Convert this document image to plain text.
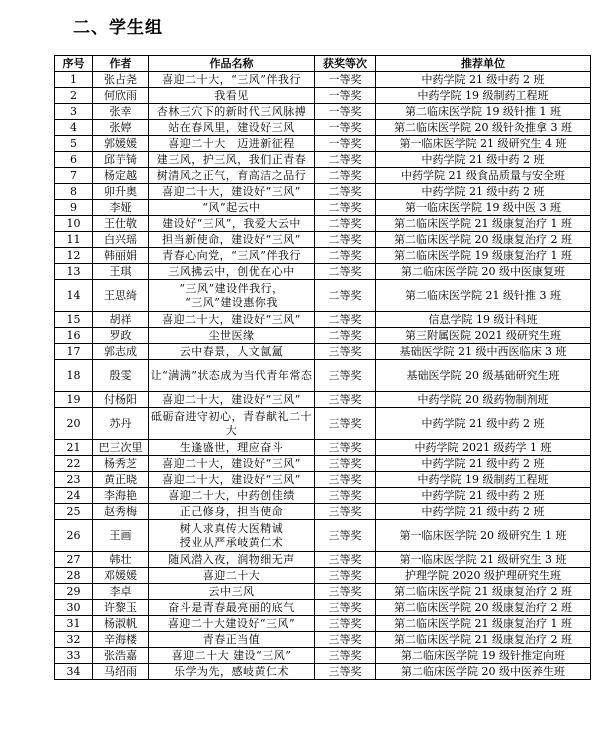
二、学生组
序号	作者	作品名称	获奖等次	推荐单位
1	张占尧	喜迎二十大，“三风”伴我行	一等奖	中药学院 21 级中药 2 班
2	何欣雨	我看见	一等奖	中药学院 19 级制药工程班
3	张幸	杏林三穴下的新时代三风脉搏	一等奖	第二临床医学院 19 级针推 1 班
4	张婷	站在春风里，建设好三风	一等奖	第二临床医学院 20 级针灸推拿 3 班
5	郭媛媛	喜迎二十大　迈进新征程	一等奖	第一临床医学院 21 级研究生 4 班
6	邱芋锜	建三风，护三风，我们正青春	二等奖	中药学院 21 级中药 2 班
7	杨定越	树清风之正气，育高洁之品行	二等奖	中药学院 21 级食品质量与安全班
8	卯升奥	喜迎二十大，建设好“三风”	二等奖	中药学院 21 级中药 2 班
9	李娅	“风”起云中	二等奖	第一临床医学院 19 级中医 3 班
10	王仕敬	建设好“三风”，我爱大云中	二等奖	第二临床医学院 21 级康复治疗 1 班
11	白兴瑶	担当新使命，建设好“三风”	二等奖	第二临床医学院 20 级康复治疗 2 班
12	韩丽娟	青春心向党，“三风”伴我行	二等奖	第二临床医学院 19 级康复治疗 1 班
13	王琪	三风拂云中，创优在心中	二等奖	第二临床医学院 20 级中医康复班
14	王思绮	“三风”建设伴我行，
“三风”建设惠你我	二等奖	第二临床医学院 21 级针推 3 班
15	胡祥	喜迎二十大，建设好“三风”	二等奖	信息学院 19 级计科班
16	罗政	尘世医缘	二等奖	第三附属医院 2021 级研究生班
17	郭志成	云中春景，人文氤氲	三等奖	基础医学院 21 级中西医临床 3 班
18	殷雯	让“满满”状态成为当代青年常态	三等奖	基础医学院 20 级基础研究生班
19	付杨阳	喜迎二十大，建设好“三风”	三等奖	中药学院 20 级药物制剂班
20	苏丹	砥砺奋进守初心，青春献礼二十大	三等奖	中药学院 21 级中药 2 班
21	巴三次里	生逢盛世，理应奋斗	三等奖	中药学院 2021 级药学 1 班
22	杨秀芝	喜迎二十大，建设好“三风”	三等奖	中药学院 21 级中药 2 班
23	黄正晓	喜迎二十大，建设好“三风”	三等奖	中药学院 19 级制药工程班
24	李海艳	喜迎二十大，中药创佳绩	三等奖	中药学院 21 级中药 2 班
25	赵秀梅	正己修身，担当使命	三等奖	中药学院 21 级中药 2 班
26	王画	树人求真传大医精诚
授业从严承岐黄仁术	三等奖	第一临床医学院 20 级研究生 1 班
27	韩壮	随风潜入夜，润物细无声	三等奖	第一临床医学院 21 级研究生 3 班
28	邓媛媛	喜迎二十大	三等奖	护理学院 2020 级护理研究生班
29	李卓	云中三风	三等奖	第二临床医学院 21 级康复治疗 2 班
30	许黎玉	奋斗是青春最亮丽的底气	三等奖	第二临床医学院 20 级康复治疗 2 班
31	杨淑帆	喜迎二十大建设好“三风”	三等奖	第二临床医学院 21 级康复治疗 1 班
32	辛海楼	青春正当值	三等奖	第二临床医学院 21 级康复治疗 2 班
33	张浩嘉	喜迎二十大 建设“三风”	三等奖	第二临床医学院 19 级针推定向班
34	马绍雨	乐学为先，感岐黄仁术	三等奖	第二临床医学院 20 级中医养生班
